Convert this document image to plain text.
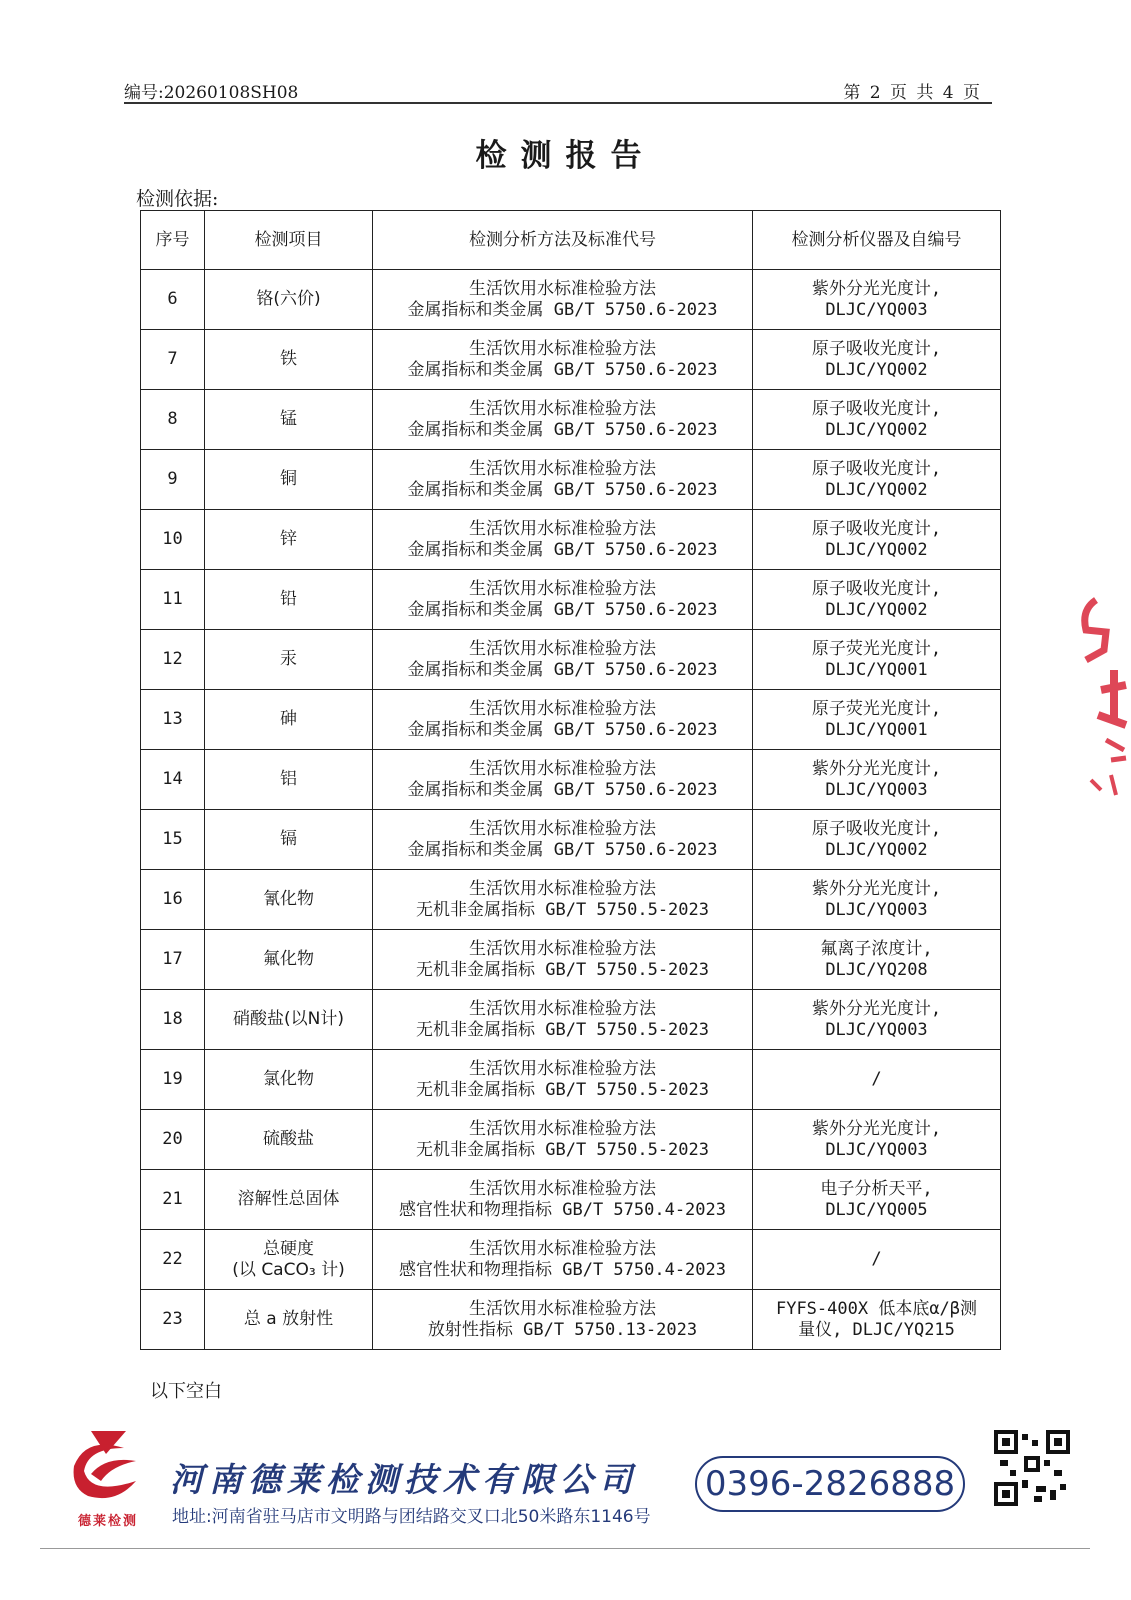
编号:20260108SH08	第 2 页 共 4 页
检测报告
检测依据:
序号	检测项目	检测分析方法及标准代号	检测分析仪器及自编号
6	铬(六价)	生活饮用水标准检验方法
金属指标和类金属 GB/T 5750.6-2023	紫外分光光度计,
DLJC/YQ003

7	铁	生活饮用水标准检验方法
金属指标和类金属 GB/T 5750.6-2023	原子吸收光度计,
DLJC/YQ002

8	锰	生活饮用水标准检验方法
金属指标和类金属 GB/T 5750.6-2023	原子吸收光度计,
DLJC/YQ002

9	铜	生活饮用水标准检验方法
金属指标和类金属 GB/T 5750.6-2023	原子吸收光度计,
DLJC/YQ002

10	锌	生活饮用水标准检验方法
金属指标和类金属 GB/T 5750.6-2023	原子吸收光度计,
DLJC/YQ002

11	铅	生活饮用水标准检验方法
金属指标和类金属 GB/T 5750.6-2023	原子吸收光度计,
DLJC/YQ002

12	汞	生活饮用水标准检验方法
金属指标和类金属 GB/T 5750.6-2023	原子荧光光度计,
DLJC/YQ001

13	砷	生活饮用水标准检验方法
金属指标和类金属 GB/T 5750.6-2023	原子荧光光度计,
DLJC/YQ001

14	铝	生活饮用水标准检验方法
金属指标和类金属 GB/T 5750.6-2023	紫外分光光度计,
DLJC/YQ003

15	镉	生活饮用水标准检验方法
金属指标和类金属 GB/T 5750.6-2023	原子吸收光度计,
DLJC/YQ002

16	氰化物	生活饮用水标准检验方法
无机非金属指标 GB/T 5750.5-2023	紫外分光光度计,
DLJC/YQ003

17	氟化物	生活饮用水标准检验方法
无机非金属指标 GB/T 5750.5-2023	氟离子浓度计,
DLJC/YQ208

18	硝酸盐(以N计)	生活饮用水标准检验方法
无机非金属指标 GB/T 5750.5-2023	紫外分光光度计,
DLJC/YQ003

19	氯化物	生活饮用水标准检验方法
无机非金属指标 GB/T 5750.5-2023	/

20	硫酸盐	生活饮用水标准检验方法
无机非金属指标 GB/T 5750.5-2023	紫外分光光度计,
DLJC/YQ003

21	溶解性总固体	生活饮用水标准检验方法
感官性状和物理指标 GB/T 5750.4-2023	电子分析天平,
DLJC/YQ005

22	总硬度
(以 CaCO₃ 计)	生活饮用水标准检验方法
感官性状和物理指标 GB/T 5750.4-2023	/

23	总 a 放射性	生活饮用水标准检验方法
放射性指标 GB/T 5750.13-2023	FYFS-400X 低本底α/β测
量仪, DLJC/YQ215
以下空白
德莱检测
河南德莱检测技术有限公司
地址:河南省驻马店市文明路与团结路交叉口北50米路东1146号
0396-2826888
